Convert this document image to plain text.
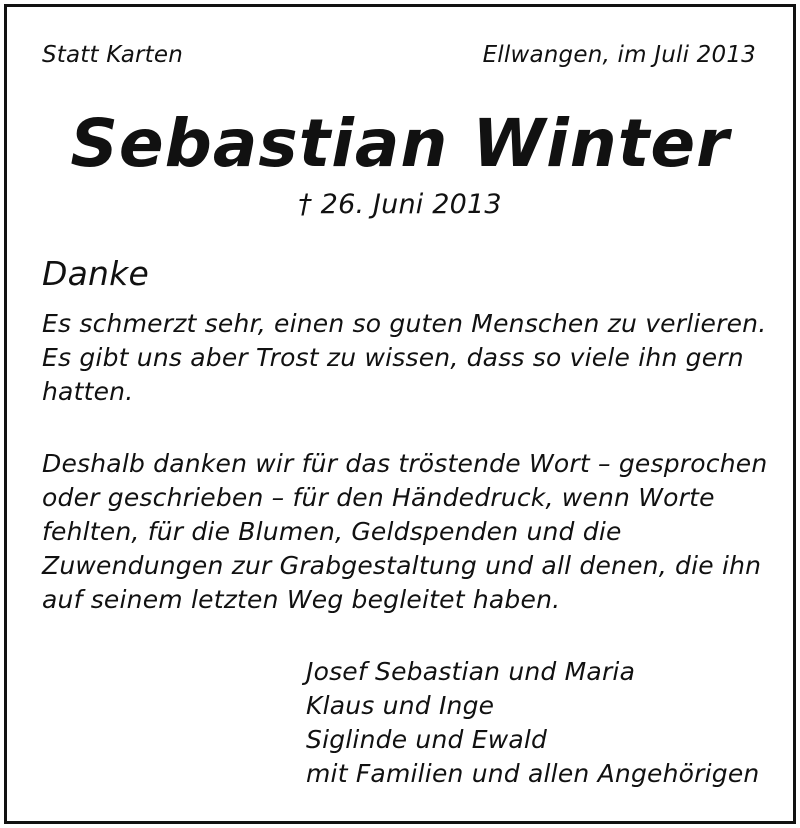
Statt Karten	Ellwangen, im Juli 2013
Sebastian Winter
† 26. Juni 2013
Danke
Es schmerzt sehr, einen so guten Menschen zu verlieren.
Es gibt uns aber Trost zu wissen, dass so viele ihn gern
hatten.
Deshalb danken wir für das tröstende Wort – gesprochen
oder geschrieben – für den Händedruck, wenn Worte
fehlten, für die Blumen, Geldspenden und die
Zuwendungen zur Grabgestaltung und all denen, die ihn
auf seinem letzten Weg begleitet haben.
Josef Sebastian und Maria
Klaus und Inge
Siglinde und Ewald
mit Familien und allen Angehörigen
